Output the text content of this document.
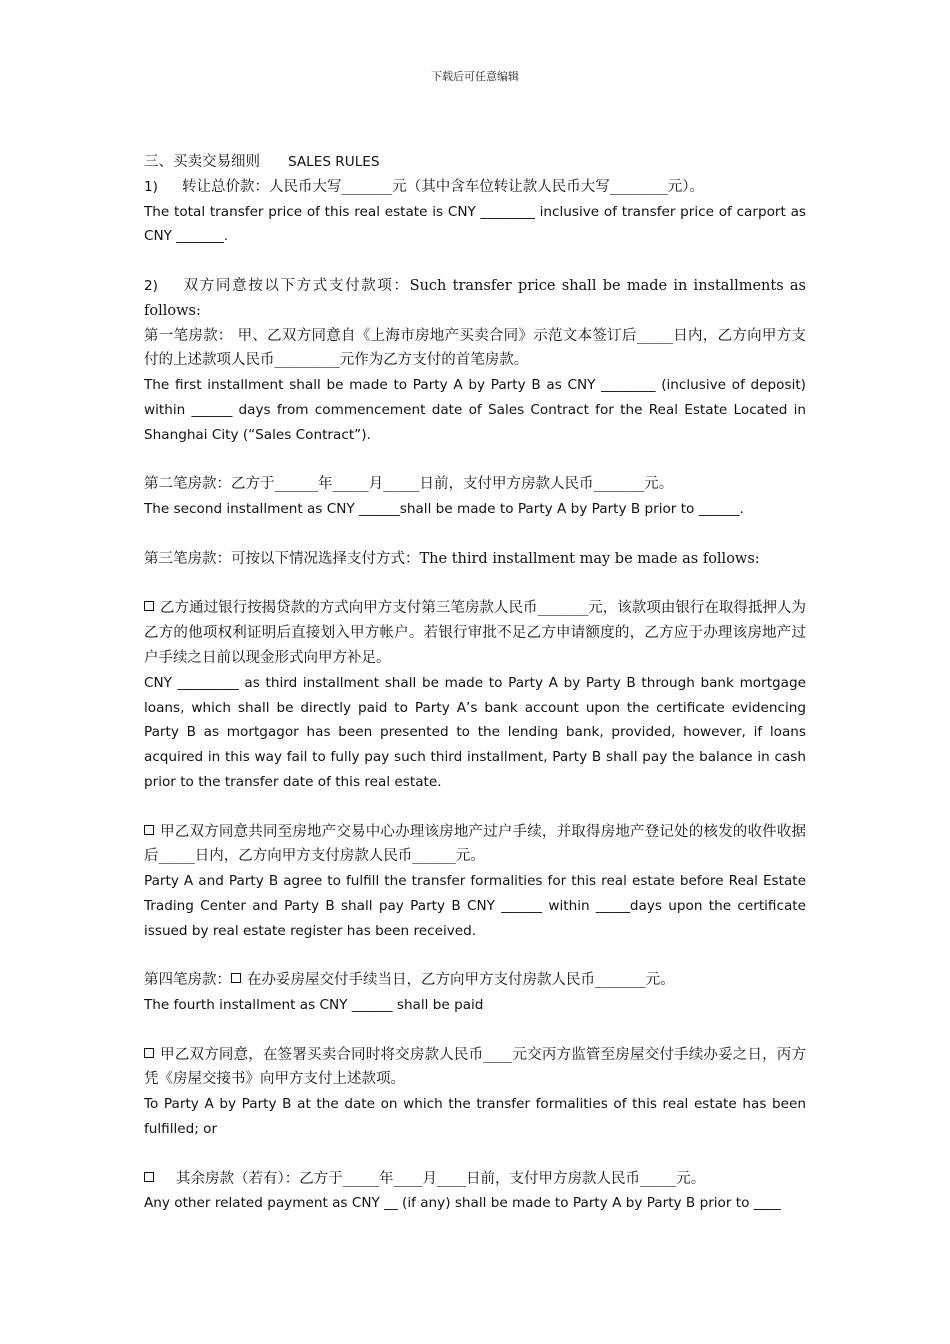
下载后可任意编辑

三、买卖交易细则 SALES RULES

1) 转让总价款：人民币大写_______元（其中含车位转让款人民币大写________元）。

The total transfer price of this real estate is CNY ________ inclusive of transfer price of carport as CNY _______.

2) 双方同意按以下方式支付款项：Such transfer price shall be made in installments as follows:

第一笔房款： 甲、乙双方同意自《上海市房地产买卖合同》示范文本签订后_____日内，乙方向甲方支付的上述款项人民币_________元作为乙方支付的首笔房款。

The first installment shall be made to Party A by Party B as CNY ________ (inclusive of deposit) within ______ days from commencement date of Sales Contract for the Real Estate Located in Shanghai City (“Sales Contract”).

第二笔房款：乙方于______年_____月_____日前，支付甲方房款人民币_______元。

The second installment as CNY ______shall be made to Party A by Party B prior to ______.

第三笔房款：可按以下情况选择支付方式：The third installment may be made as follows:

乙方通过银行按揭贷款的方式向甲方支付第三笔房款人民币_______元，该款项由银行在取得抵押人为乙方的他项权利证明后直接划入甲方帐户。若银行审批不足乙方申请额度的，乙方应于办理该房地产过户手续之日前以现金形式向甲方补足。

CNY _________ as third installment shall be made to Party A by Party B through bank mortgage loans, which shall be directly paid to Party A’s bank account upon the certificate evidencing Party B as mortgagor has been presented to the lending bank, provided, however, if loans acquired in this way fail to fully pay such third installment, Party B shall pay the balance in cash prior to the transfer date of this real estate.

甲乙双方同意共同至房地产交易中心办理该房地产过户手续，并取得房地产登记处的核发的收件收据后_____日内，乙方向甲方支付房款人民币______元。

Party A and Party B agree to fulfill the transfer formalities for this real estate before Real Estate Trading Center and Party B shall pay Party B CNY ______ within _____days upon the certificate issued by real estate register has been received.

第四笔房款： 在办妥房屋交付手续当日，乙方向甲方支付房款人民币_______元。

The fourth installment as CNY ______ shall be paid

甲乙双方同意，在签署买卖合同时将交房款人民币____元交丙方监管至房屋交付手续办妥之日，丙方凭《房屋交接书》向甲方支付上述款项。

To Party A by Party B at the date on which the transfer formalities of this real estate has been fulfilled; or

其余房款（若有）：乙方于_____年____月____日前，支付甲方房款人民币_____元。

Any other related payment as CNY __ (if any) shall be made to Party A by Party B prior to ____
